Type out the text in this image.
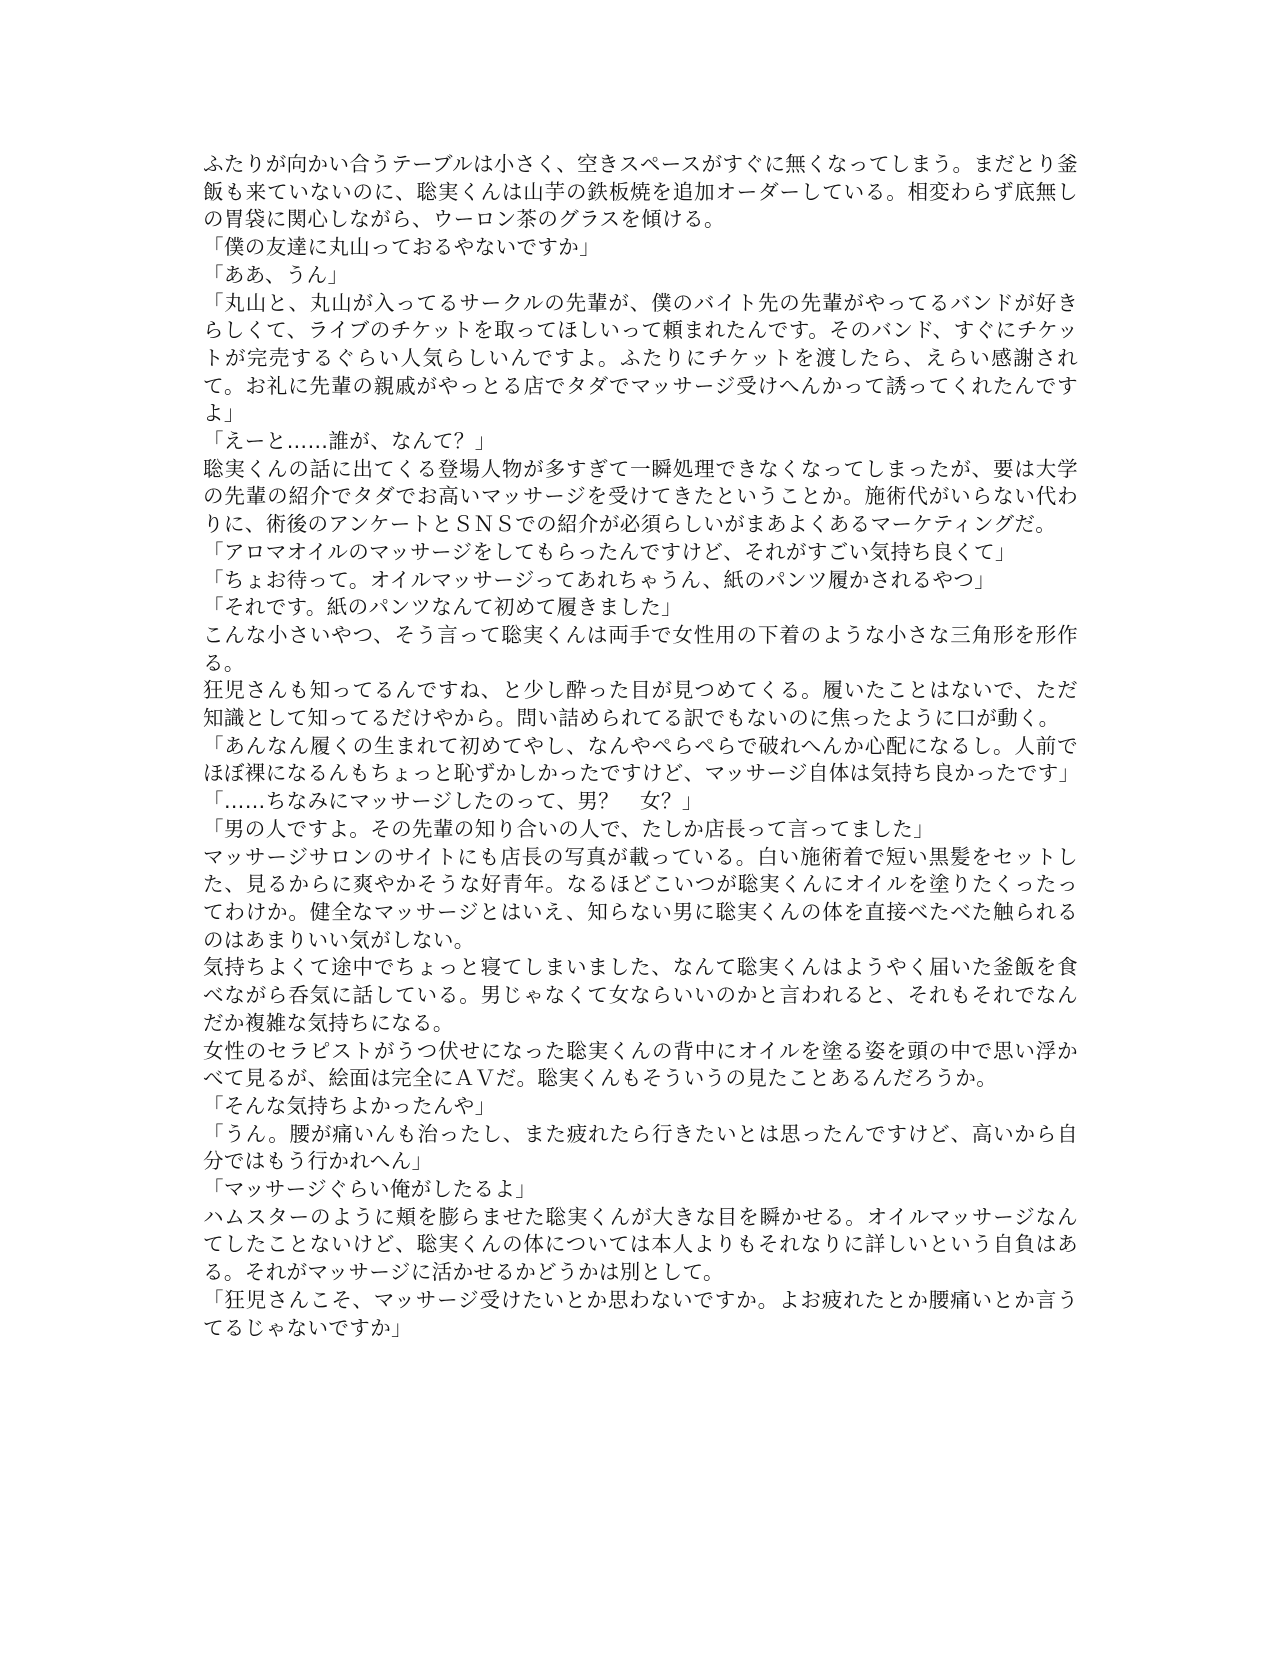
ふたりが向かい合うテーブルは小さく、空きスペースがすぐに無くなってしまう。まだとり釜飯も来ていないのに、聡実くんは山芋の鉄板焼を追加オーダーしている。相変わらず底無しの胃袋に関心しながら、ウーロン茶のグラスを傾ける。

「僕の友達に丸山っておるやないですか」

「ああ、うん」

「丸山と、丸山が入ってるサークルの先輩が、僕のバイト先の先輩がやってるバンドが好きらしくて、ライブのチケットを取ってほしいって頼まれたんです。そのバンド、すぐにチケットが完売するぐらい人気らしいんですよ。ふたりにチケットを渡したら、えらい感謝されて。お礼に先輩の親戚がやっとる店でタダでマッサージ受けへんかって誘ってくれたんですよ」

「えーと……誰が、なんて？」

聡実くんの話に出てくる登場人物が多すぎて一瞬処理できなくなってしまったが、要は大学の先輩の紹介でタダでお高いマッサージを受けてきたということか。施術代がいらない代わりに、術後のアンケートとＳＮＳでの紹介が必須らしいがまあよくあるマーケティングだ。

「アロマオイルのマッサージをしてもらったんですけど、それがすごい気持ち良くて」

「ちょお待って。オイルマッサージってあれちゃうん、紙のパンツ履かされるやつ」

「それです。紙のパンツなんて初めて履きました」

こんな小さいやつ、そう言って聡実くんは両手で女性用の下着のような小さな三角形を形作る。

狂児さんも知ってるんですね、と少し酔った目が見つめてくる。履いたことはないで、ただ知識として知ってるだけやから。問い詰められてる訳でもないのに焦ったように口が動く。

「あんなん履くの生まれて初めてやし、なんやぺらぺらで破れへんか心配になるし。人前でほぼ裸になるんもちょっと恥ずかしかったですけど、マッサージ自体は気持ち良かったです」

「……ちなみにマッサージしたのって、男？　女？」

「男の人ですよ。その先輩の知り合いの人で、たしか店長って言ってました」

マッサージサロンのサイトにも店長の写真が載っている。白い施術着で短い黒髪をセットした、見るからに爽やかそうな好青年。なるほどこいつが聡実くんにオイルを塗りたくったってわけか。健全なマッサージとはいえ、知らない男に聡実くんの体を直接べたべた触られるのはあまりいい気がしない。

気持ちよくて途中でちょっと寝てしまいました、なんて聡実くんはようやく届いた釜飯を食べながら呑気に話している。男じゃなくて女ならいいのかと言われると、それもそれでなんだか複雑な気持ちになる。

女性のセラピストがうつ伏せになった聡実くんの背中にオイルを塗る姿を頭の中で思い浮かべて見るが、絵面は完全にＡＶだ。聡実くんもそういうの見たことあるんだろうか。

「そんな気持ちよかったんや」

「うん。腰が痛いんも治ったし、また疲れたら行きたいとは思ったんですけど、高いから自分ではもう行かれへん」

「マッサージぐらい俺がしたるよ」

ハムスターのように頬を膨らませた聡実くんが大きな目を瞬かせる。オイルマッサージなんてしたことないけど、聡実くんの体については本人よりもそれなりに詳しいという自負はある。それがマッサージに活かせるかどうかは別として。

「狂児さんこそ、マッサージ受けたいとか思わないですか。よお疲れたとか腰痛いとか言うてるじゃないですか」
